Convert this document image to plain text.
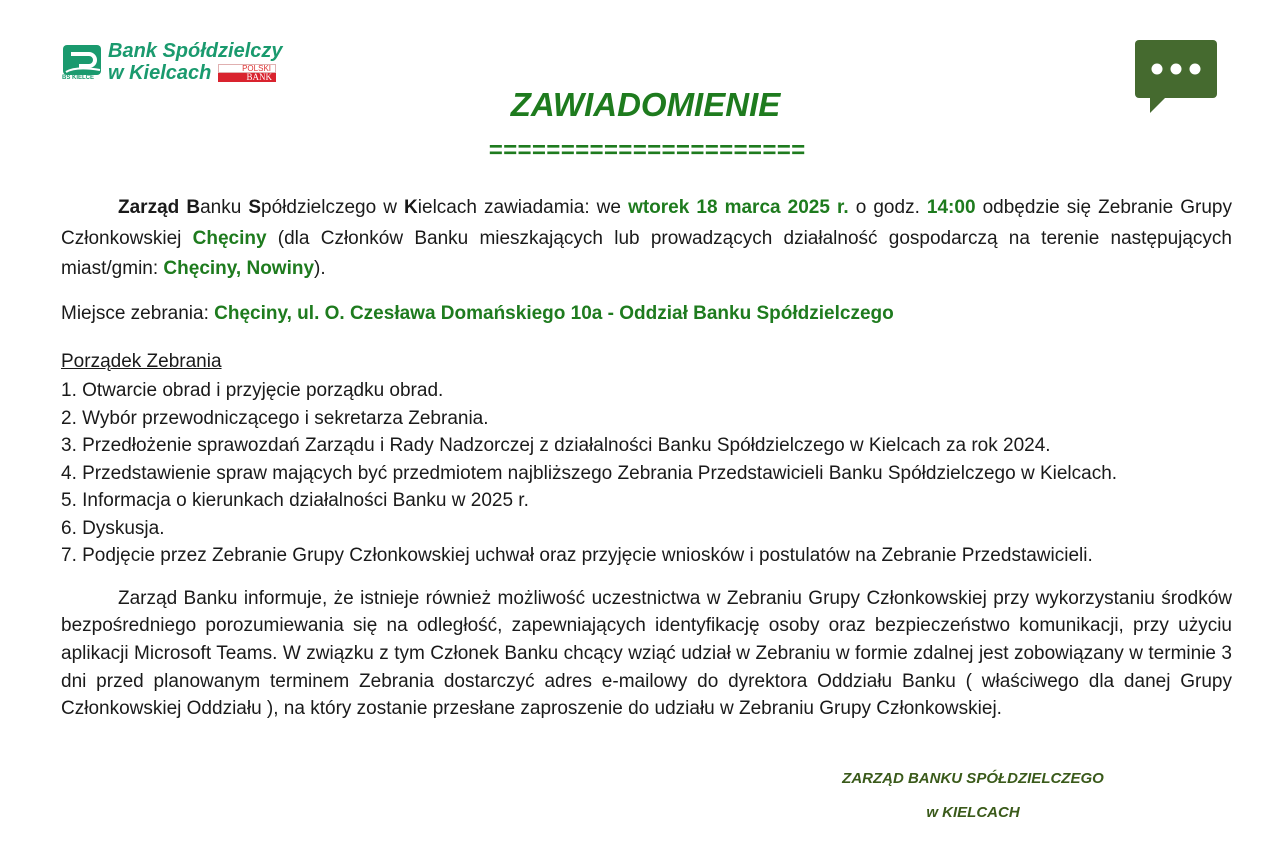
BS KIELCE
Bank Spółdzielczy
w Kielcach	POLSKI
BANK
ZAWIADOMIENIE
======================

Zarząd Banku Spółdzielczego w Kielcach zawiadamia: we wtorek 18 marca 2025 r. o godz. 14:00 odbędzie się Zebranie Grupy Członkowskiej Chęciny (dla Członków Banku mieszkających lub prowadzących działalność gospodarczą na terenie następujących miast/gmin: Chęciny, Nowiny).

Miejsce zebrania: Chęciny, ul. O. Czesława Domańskiego 10a - Oddział Banku Spółdzielczego

Porządek Zebrania

1. Otwarcie obrad i przyjęcie porządku obrad.
2. Wybór przewodniczącego i sekretarza Zebrania.
3. Przedłożenie sprawozdań Zarządu i Rady Nadzorczej z działalności Banku Spółdzielczego w Kielcach za rok 2024.
4. Przedstawienie spraw mających być przedmiotem najbliższego Zebrania Przedstawicieli Banku Spółdzielczego w Kielcach.
5. Informacja o kierunkach działalności Banku w 2025 r.
6. Dyskusja.
7. Podjęcie przez Zebranie Grupy Członkowskiej uchwał oraz przyjęcie wniosków i postulatów na Zebranie Przedstawicieli.

Zarząd Banku informuje, że istnieje również możliwość uczestnictwa w Zebraniu Grupy Członkowskiej przy wykorzystaniu środków bezpośredniego porozumiewania się na odległość, zapewniających identyfikację osoby oraz bezpieczeństwo komunikacji, przy użyciu aplikacji Microsoft Teams. W związku z tym Członek Banku chcący wziąć udział w Zebraniu w formie zdalnej jest zobowiązany w terminie 3 dni przed planowanym terminem Zebrania dostarczyć adres e-mailowy do dyrektora Oddziału Banku ( właściwego dla danej Grupy Członkowskiej Oddziału ), na który zostanie przesłane zaproszenie do udziału w Zebraniu Grupy Członkowskiej.

ZARZĄD BANKU SPÓŁDZIELCZEGO
w KIELCACH
